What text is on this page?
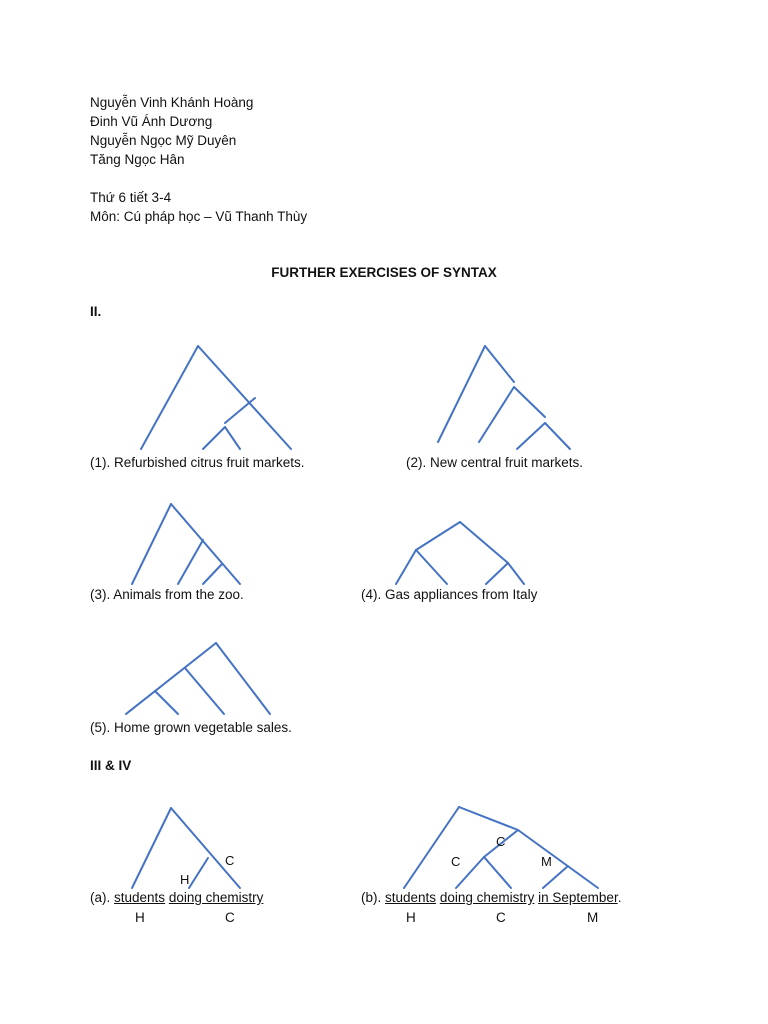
Nguyễn Vinh Khánh Hoàng
Đinh Vũ Ánh Dương
Nguyễn Ngọc Mỹ Duyên
Tăng Ngọc Hân
Thứ 6 tiết 3-4
Môn: Cú pháp học – Vũ Thanh Thùy
FURTHER EXERCISES OF SYNTAX
II.
C
H
C
C	M
(1). Refurbished citrus fruit markets.	(2). New central fruit markets.
(3). Animals from the zoo.	(4). Gas appliances from Italy
(5). Home grown vegetable sales.
III & IV
(a). students doing chemistry
H	C
(b). students doing chemistry in September.
H	C	M
